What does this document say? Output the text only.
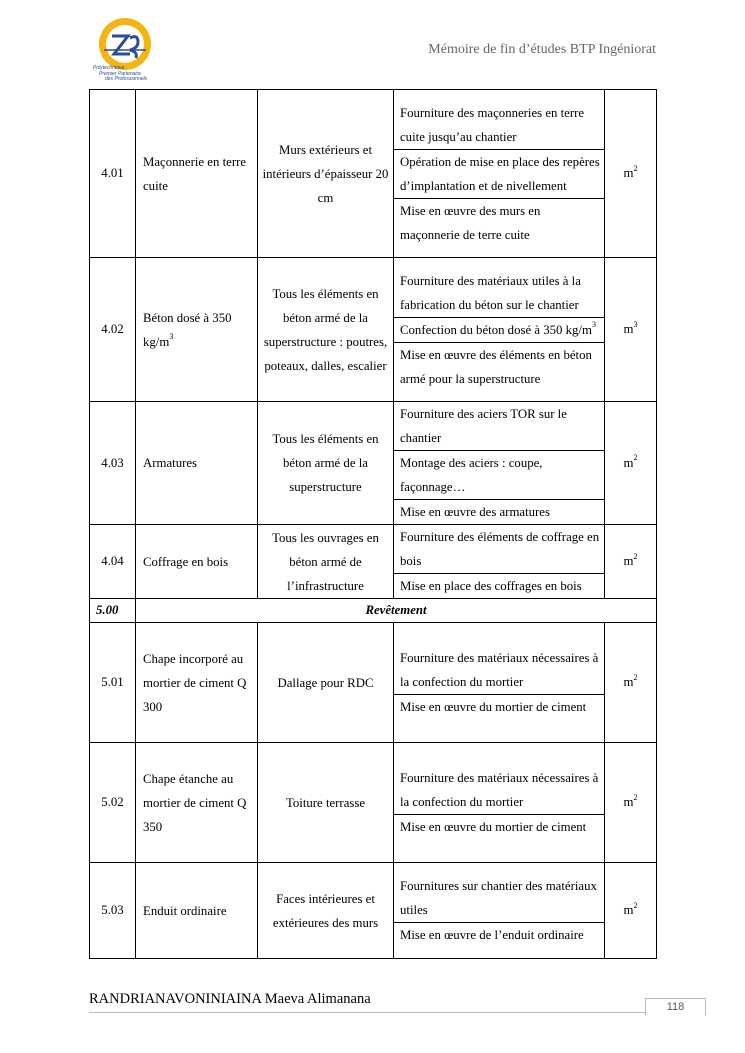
Polytechnique
Premier Partenaire
des Professionnels
Mémoire de fin d’études BTP Ingéniorat
4.01	Maçonnerie en terre cuite	Murs extérieurs et intérieurs d’épaisseur 20 cm	Fourniture des maçonneries en terre cuite jusqu’au chantier
Opération de mise en place des repères d’implantation et de nivellement
Mise en œuvre des murs en maçonnerie de terre cuite	$m^2$
4.02	Béton dosé à 350 $kg/m^3$	Tous les éléments en béton armé de la superstructure : poutres, poteaux, dalles, escalier	Fourniture des matériaux utiles à la fabrication du béton sur le chantier
Confection du béton dosé à 350 $kg/m^3$
Mise en œuvre des éléments en béton armé pour la superstructure	$m^3$
4.03	Armatures	Tous les éléments en béton armé de la superstructure	Fourniture des aciers TOR sur le chantier
Montage des aciers : coupe, façonnage…
Mise en œuvre des armatures	$m^2$
4.04	Coffrage en bois	Tous les ouvrages en béton armé de l’infrastructure	Fourniture des éléments de coffrage en bois
Mise en place des coffrages en bois	$m^2$
5.00	Revêtement			
5.01	Chape incorporé au mortier de ciment Q 300	Dallage pour RDC	Fourniture des matériaux nécessaires à la confection du mortier
Mise en œuvre du mortier de ciment	$m^2$
5.02	Chape étanche au mortier de ciment Q 350	Toiture terrasse	Fourniture des matériaux nécessaires à la confection du mortier
Mise en œuvre du mortier de ciment	$m^2$
5.03	Enduit ordinaire	Faces intérieures et extérieures des murs	Fournitures sur chantier des matériaux utiles
Mise en œuvre de l’enduit ordinaire	$m^2$
RANDRIANAVONINIAINA Maeva Alimanana	118
